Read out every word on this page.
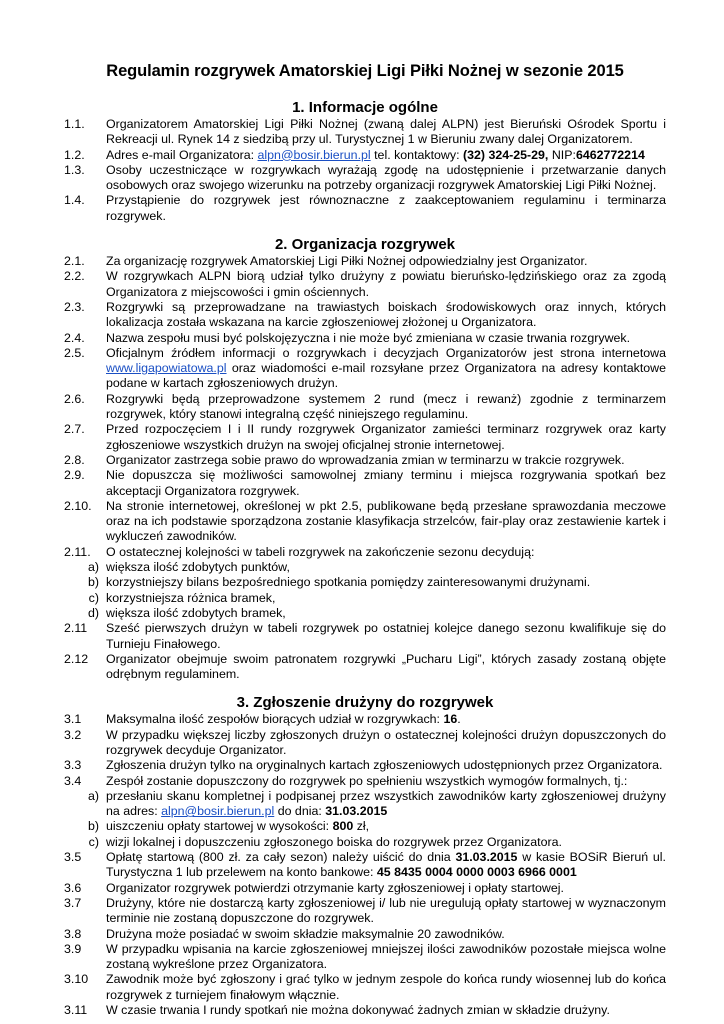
Regulamin rozgrywek Amatorskiej Ligi Piłki Nożnej w sezonie 2015
1. Informacje ogólne
1.1.	Organizatorem Amatorskiej Ligi Piłki Nożnej (zwaną dalej ALPN) jest Bieruński Ośrodek Sportu i Rekreacji ul. Rynek 14 z siedzibą przy ul. Turystycznej 1 w Bieruniu zwany dalej Organizatorem.
1.2.	Adres e-mail Organizatora: alpn@bosir.bierun.pl tel. kontaktowy: (32) 324-25-29, NIP:6462772214
1.3.	Osoby uczestniczące w rozgrywkach wyrażają zgodę na udostępnienie i przetwarzanie danych osobowych oraz swojego wizerunku na potrzeby organizacji rozgrywek Amatorskiej Ligi Piłki Nożnej.
1.4.	Przystąpienie do rozgrywek jest równoznaczne z zaakceptowaniem regulaminu i terminarza rozgrywek.
2. Organizacja rozgrywek
2.1.	Za organizację rozgrywek Amatorskiej Ligi Piłki Nożnej odpowiedzialny jest Organizator.
2.2.	W rozgrywkach ALPN biorą udział tylko drużyny z powiatu bieruńsko-lędzińskiego oraz za zgodą Organizatora z miejscowości i gmin ościennych.
2.3.	Rozgrywki są przeprowadzane na trawiastych boiskach środowiskowych oraz innych, których lokalizacja została wskazana na karcie zgłoszeniowej złożonej u Organizatora.
2.4.	Nazwa zespołu musi być polskojęzyczna i nie może być zmieniana w czasie trwania rozgrywek.
2.5.	Oficjalnym źródłem informacji o rozgrywkach i decyzjach Organizatorów jest strona internetowa www.ligapowiatowa.pl oraz wiadomości e-mail rozsyłane przez Organizatora na adresy kontaktowe podane w kartach zgłoszeniowych drużyn.
2.6.	Rozgrywki będą przeprowadzone systemem 2 rund (mecz i rewanż) zgodnie z terminarzem rozgrywek, który stanowi integralną część niniejszego regulaminu.
2.7.	Przed rozpoczęciem I i II rundy rozgrywek Organizator zamieści terminarz rozgrywek oraz karty zgłoszeniowe wszystkich drużyn na swojej oficjalnej stronie internetowej.
2.8.	Organizator zastrzega sobie prawo do wprowadzania zmian w terminarzu w trakcie rozgrywek.
2.9.	Nie dopuszcza się możliwości samowolnej zmiany terminu i miejsca rozgrywania spotkań bez akceptacji Organizatora rozgrywek.
2.10.	Na stronie internetowej, określonej w pkt 2.5, publikowane będą przesłane sprawozdania meczowe oraz na ich podstawie sporządzona zostanie klasyfikacja strzelców, fair-play oraz zestawienie kartek i wykluczeń zawodników.
2.11.	O ostatecznej kolejności w tabeli rozgrywek na zakończenie sezonu decydują:
a) większa ilość zdobytych punktów,
b) korzystniejszy bilans bezpośredniego spotkania pomiędzy zainteresowanymi drużynami.
c) korzystniejsza różnica bramek,
d) większa ilość zdobytych bramek,
2.11	Sześć pierwszych drużyn w tabeli rozgrywek po ostatniej kolejce danego sezonu kwalifikuje się do Turnieju Finałowego.
2.12	Organizator obejmuje swoim patronatem rozgrywki „Pucharu Ligi”, których zasady zostaną objęte odrębnym regulaminem.
3. Zgłoszenie drużyny do rozgrywek
3.1	Maksymalna ilość zespołów biorących udział w rozgrywkach: 16.
3.2	W przypadku większej liczby zgłoszonych drużyn o ostatecznej kolejności drużyn dopuszczonych do rozgrywek decyduje Organizator.
3.3	Zgłoszenia drużyn tylko na oryginalnych kartach zgłoszeniowych udostępnionych przez Organizatora.
3.4	Zespół zostanie dopuszczony do rozgrywek po spełnieniu wszystkich wymogów formalnych, tj.:
a) przesłaniu skanu kompletnej i podpisanej przez wszystkich zawodników karty zgłoszeniowej drużyny na adres: alpn@bosir.bierun.pl do dnia: 31.03.2015
b) uiszczeniu opłaty startowej w wysokości: 800 zł,
c) wizji lokalnej i dopuszczeniu zgłoszonego boiska do rozgrywek przez Organizatora.
3.5	Opłatę startową (800 zł. za cały sezon) należy uiścić do dnia 31.03.2015 w kasie BOSiR Bieruń ul. Turystyczna 1 lub przelewem na konto bankowe: 45 8435 0004 0000 0003 6966 0001
3.6	Organizator rozgrywek potwierdzi otrzymanie karty zgłoszeniowej i opłaty startowej.
3.7	Drużyny, które nie dostarczą karty zgłoszeniowej i/ lub nie uregulują opłaty startowej w wyznaczonym terminie nie zostaną dopuszczone do rozgrywek.
3.8	Drużyna może posiadać w swoim składzie maksymalnie 20 zawodników.
3.9	W przypadku wpisania na karcie zgłoszeniowej mniejszej ilości zawodników pozostałe miejsca wolne zostaną wykreślone przez Organizatora.
3.10	Zawodnik może być zgłoszony i grać tylko w jednym zespole do końca rundy wiosennej lub do końca rozgrywek z turniejem finałowym włącznie.
3.11	W czasie trwania I rundy spotkań nie można dokonywać żadnych zmian w składzie drużyny.
